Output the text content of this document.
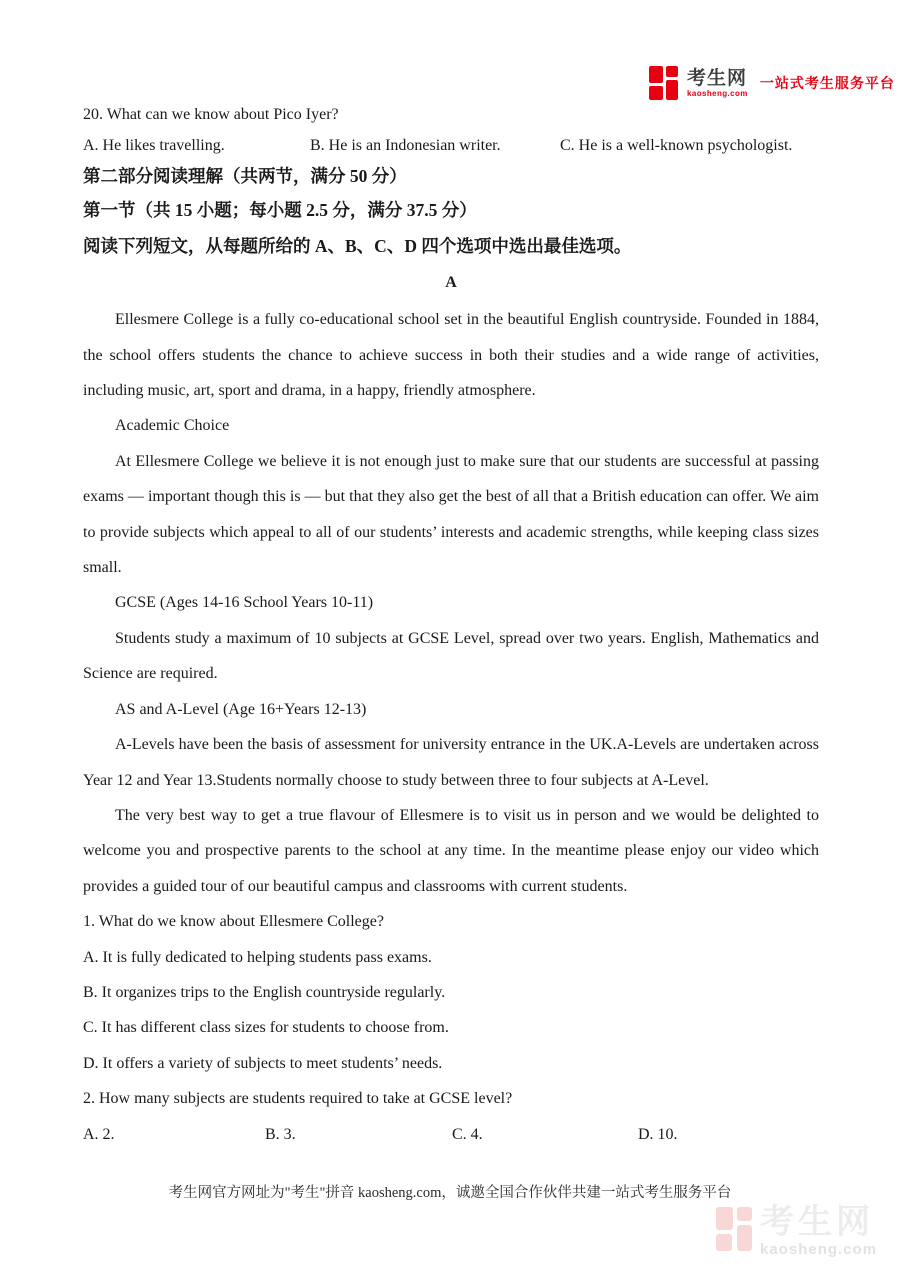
考生网
kaosheng.com
一站式考生服务平台

20. What can we know about Pico Iyer?

A. He likes travelling.	B. He is an Indonesian writer.	C. He is a well-known psychologist.

第二部分阅读理解（共两节，满分 50 分）

第一节（共 15 小题；每小题 2.5 分，满分 37.5 分）

阅读下列短文，从每题所给的 A、B、C、D 四个选项中选出最佳选项。

A

Ellesmere College is a fully co-educational school set in the beautiful English countryside. Founded in 1884, the school offers students the chance to achieve success in both their studies and a wide range of activities, including music, art, sport and drama, in a happy, friendly atmosphere.

Academic Choice

At Ellesmere College we believe it is not enough just to make sure that our students are successful at passing exams — important though this is — but that they also get the best of all that a British education can offer. We aim to provide subjects which appeal to all of our students’ interests and academic strengths, while keeping class sizes small.

GCSE (Ages 14-16 School Years 10-11)

Students study a maximum of 10 subjects at GCSE Level, spread over two years. English, Mathematics and Science are required.

AS and A-Level (Age 16+Years 12-13)

A-Levels have been the basis of assessment for university entrance in the UK.A-Levels are undertaken across Year 12 and Year 13.Students normally choose to study between three to four subjects at A-Level.

The very best way to get a true flavour of Ellesmere is to visit us in person and we would be delighted to welcome you and prospective parents to the school at any time. In the meantime please enjoy our video which provides a guided tour of our beautiful campus and classrooms with current students.

1. What do we know about Ellesmere College?

A. It is fully dedicated to helping students pass exams.

B. It organizes trips to the English countryside regularly.

C. It has different class sizes for students to choose from.

D. It offers a variety of subjects to meet students’ needs.

2. How many subjects are students required to take at GCSE level?

A. 2.	B. 3.	C. 4.	D. 10.
考生网官方网址为"考生"拼音 kaosheng.com，诚邀全国合作伙伴共建一站式考生服务平台
考生网
kaosheng.com
